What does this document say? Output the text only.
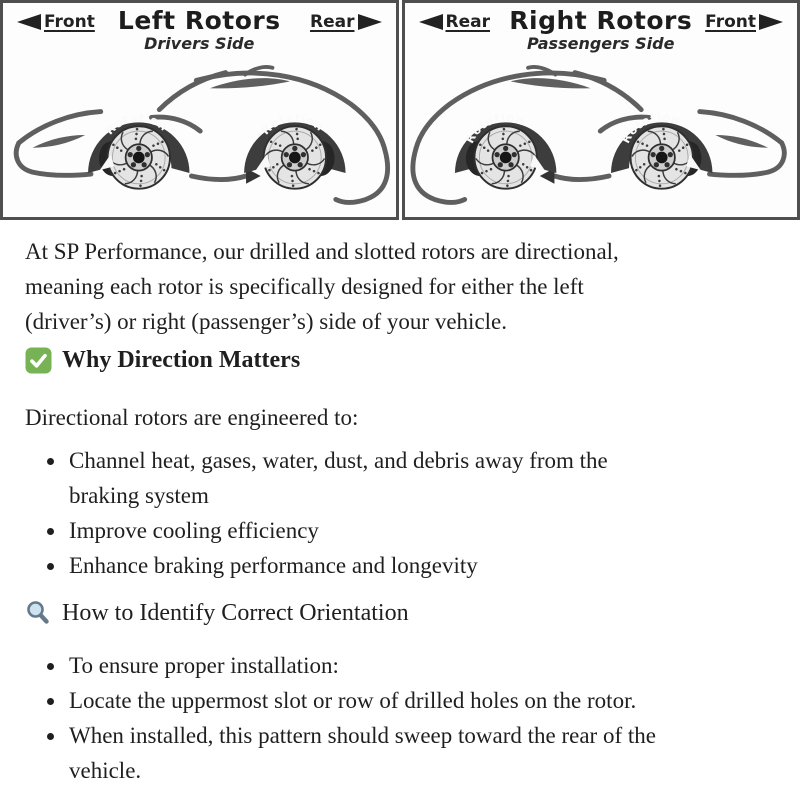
Front Left Rotors
Drivers Side
Rear
Rotation	Rotation
Rear Right Rotors
Passengers Side
Front
Rotation
Rotation

At SP Performance, our drilled and slotted rotors are directional,
meaning each rotor is specifically designed for either the left
(driver’s) or right (passenger’s) side of your vehicle.

Why Direction Matters

Directional rotors are engineered to:

• Channel heat, gases, water, dust, and debris away from the
braking system
• Improve cooling efficiency
• Enhance braking performance and longevity
How to Identify Correct Orientation
• To ensure proper installation:
• Locate the uppermost slot or row of drilled holes on the rotor.
• When installed, this pattern should sweep toward the rear of the
vehicle.
